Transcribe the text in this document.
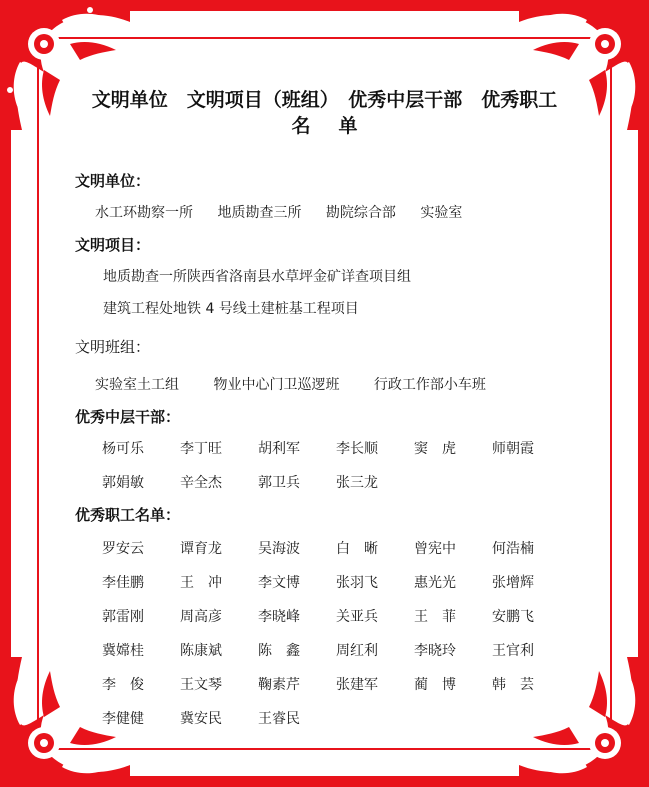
文明单位　文明项目（班组）　优秀中层干部　优秀职工
名单
文明单位：
水工环勘察一所 地质勘查三所 勘院综合部 实验室
文明项目：
地质勘查一所陕西省洛南县水草坪金矿详查项目组
建筑工程处地铁 4 号线土建桩基工程项目
文明班组：
实验室土工组 物业中心门卫巡逻班 行政工作部小车班
优秀中层干部：
杨可乐	李丁旺	胡利军	李长顺	窦　虎	师朝霞
郭娟敏	辛全杰	郭卫兵	张三龙
优秀职工名单：
罗安云	谭育龙	吴海波	白　晰	曾宪中	何浩楠
李佳鹏	王　冲	李文博	张羽飞	惠光光	张增辉
郭雷刚	周高彦	李晓峰	关亚兵	王　菲	安鹏飞
冀嫦桂	陈康斌	陈　鑫	周红利	李晓玲	王官利
李　俊	王文琴	鞠素芹	张建军	蔺　博	韩　芸
李健健	冀安民	王睿民
